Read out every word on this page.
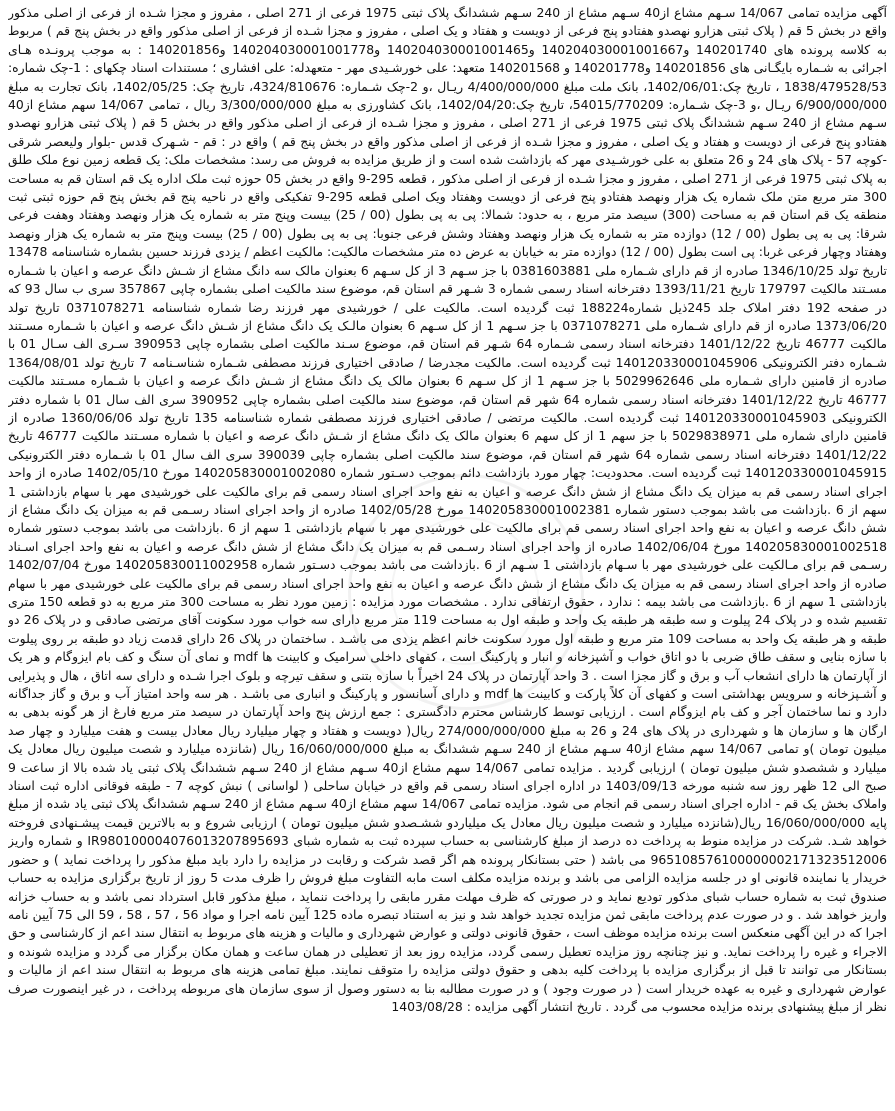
آگهی مزایده تمامی 14/067 سـهم مشاع از40 سـهم مشاع از 240 سـهم ششدانگ پلاک ثبتی 1975 فرعی از 271 اصلی ، مفروز و مجزا شـده از فرعی از اصلی مذکور واقع در بخش 5 قم ( پلاک ثبتی هزارو نهصدو هفتادو پنج فرعی از دویست و هفتاد و یک اصلی ، مفروز و مجزا شـده از فرعی از اصلی مذکور واقع در بخش پنج قم ) مربوط به کلاسه پرونده های 140201740 و140204030001001667 و140204030001001465 و140204030001001778 و140201856 : به موجب پرونـده هـای اجرائی به شـماره بایگـانی های 140201856 و140201778 و 140201568 متعهد: علی خورشـیدی مهر - متعهدله: علی افشاری ؛ مستندات اسناد چکهای : 1-چک شماره: 1838/479528/53 ، تاریخ چک:1402/06/01، بانک ملت مبلغ 4/400/000/000 ریـال ،و 2-چک شـماره: 4324/810676، تاریخ چک: 1402/05/25، بانک تجارت به مبلغ 6/900/000/000 ریـال ،و 3-چک شـماره: 54015/770209، تاریخ چک:1402/04/20، بانک کشاورزی به مبلغ 3/300/000/000 ریال ، تمامی 14/067 سهم مشاع از40 سـهم مشاع از 240 سـهم ششدانگ پلاک ثبتی 1975 فرعی از 271 اصلی ، مفروز و مجزا شـده از فرعی از اصلی مذکور واقع در بخش 5 قم ( پلاک ثبتی هزارو نهصدو هفتادو پنج فرعی از دویست و هفتاد و یک اصلی ، مفروز و مجزا شـده از فرعی از اصلی مذکور واقع در بخش پنج قم ) واقع در : قم - شـهرک قدس -بلوار ولیعصر شرقی -کوچه 57 - پلاک های 24 و 26 متعلق به علی خورشـیدی مهر که بازداشت شده است و از طریق مزایده به فروش می رسد: مشخصات ملک: یک قطعه زمین نوع ملک طلق به پلاک ثبتی 1975 فرعی از 271 اصلی ، مفروز و مجزا شـده از فرعی از اصلی مذکور ، قطعه 295-9 واقع در بخش 05 حوزه ثبت ملک اداره یک قم استان قم به مساحت 300 متر مربع متن ملک شماره یک هزار ونهصد هفتادو پنج فرعی از دویست وهفتاد ویک اصلی قطعه 295-9 تفکیکی واقع در ناحیه پنج قم بخش پنج قم حوزه ثبتی ثبت منطقه یک قم استان قم به مساحت (300) سیصد متر مربع ، به حدود: شمالا: پی به پی بطول (00 / 25) بیست وپنج متر به شماره یک هزار ونهصد وهفتاد وهفت فرعی شرقا: پی به پی بطول (00 / 12) دوازده متر به شماره یک هزار ونهصد وهفتاد وشش فرعی جنوبا: پی به پی بطول (00 / 25) بیست وپنج متر به شماره یک هزار ونهصد وهفتاد وچهار فرعی غربا: پی است بطول (00 / 12) دوازده متر به خیابان به عرض ده متر مشخصات مالکیت: مالکیت اعظم / یزدی فرزند حسین بشماره شناسنامه 13478 تاریخ تولد 1346/10/25 صادره از قم دارای شـماره ملی 0381603881 با جز سـهم 3 از کل سـهم 6 بعنوان مالک سه دانگ مشاع از شـش دانگ عرصه و اعیان با شـماره مسـتند مالکیت 179797 تاریخ 1393/11/21 دفترخانه اسناد رسمی شماره 3 شـهر قم استان قم، موضوع سند مالکیت اصلی بشماره چاپی 357867 سری ب سال 93 که در صفحه 192 دفتر املاک جلد 245ذیل شماره188224 ثبت گردیده است. مالکیت علی / خورشیدی مهر فرزند رضا شماره شناسنامه 0371078271 تاریخ تولد 1373/06/20 صادره از قم دارای شـماره ملی 0371078271 با جز سـهم 1 از کل سـهم 6 بعنوان مالـک یک دانگ مشاع از شـش دانگ عرصه و اعیان با شـماره مسـتند مالکیت 46777 تاریخ 1401/12/22 دفترخانه اسناد رسمی شـماره 64 شـهر قم استان قم، موضوع سـند مالکیت اصلی بشماره چاپی 390953 سـری الف سـال 01 با شـماره دفتر الکترونیکی 140120330001045906 ثبت گردیده است. مالکیت مجدرضا / صادقی اختیاری فرزند مصطفی شـماره شناسـنامه 7 تاریخ تولد 1364/08/01 صادره از قامنین دارای شـماره ملی 5029962646 با جز سـهم 1 از کل سـهم 6 بعنوان مالک یک دانگ مشاع از شـش دانگ عرصه و اعیان با شـماره مسـتند مالکیت 46777 تاریخ 1401/12/22 دفترخانه اسناد رسمی شماره 64 شهر قم استان قم، موضوع سند مالکیت اصلی بشماره چاپی 390952 سری الف سال 01 با شماره دفتر الکترونیکی 140120330001045903 ثبت گردیده است. مالکیت مرتضی / صادقی اختیاری فرزند مصطفی شماره شناسنامه 135 تاریخ تولد 1360/06/06 صادره از قامنین دارای شماره ملی 5029838971 با جز سهم 1 از کل سهم 6 بعنوان مالک یک دانگ مشاع از شـش دانگ عرصه و اعیان با شماره مسـتند مالکیت 46777 تاریخ 1401/12/22 دفترخانه اسناد رسمی شماره 64 شهر قم استان قم، موضوع سند مالکیت اصلی بشماره چاپی 390039 سری الف سال 01 با شـماره دفتر الکترونیکی 140120330001045915 ثبت گردیده است. محدودیت: چهار مورد بازداشت دائم بموجب دسـتور شماره 140205830001002080 مورخ 1402/05/10 صادره از واحد اجرای اسناد رسمی قم به میزان یک دانگ مشاع از شش دانگ عرصه و اعیان به نفع واحد اجرای اسناد رسمی قم برای مالکیت علی خورشیدی مهر با سهام بازداشتی 1 سهم از 6 .بازداشت می باشد بموجب دستور شماره 140205830001002381 مورخ 1402/05/28 صادره از واحد اجرای اسناد رسـمی قم به میزان یک دانگ مشاع از شش دانگ عرصه و اعیان به نفع واحد اجرای اسناد رسمی قم برای مالکیت علی خورشیدی مهر با سهام بازداشتی 1 سهم از 6 .بازداشت می باشد بموجب دستور شماره 140205830001002518 مورخ 1402/06/04 صادره از واحد اجرای اسناد رسـمی قم به میزان یک دانگ مشاع از شش دانگ عرصه و اعیان به نفع واحد اجرای اسـناد رسـمی قم برای مـالکیت علی خورشیدی مهر با سـهام بازداشتی 1 سـهم از 6 .بازداشت می باشد بموجب دسـتور شماره 140205830011002958 مورخ 1402/07/04 صادره از واحد اجرای اسناد رسمی قم به میزان یک دانگ مشاع از شش دانگ عرصه و اعیان به نفع واحد اجرای اسناد رسمی قم برای مالکیت علی خورشیدی مهر با سهام بازداشتی 1 سهم از 6 .بازداشت می باشد بیمه : ندارد ، حقوق ارتفاقی ندارد . مشخصات مورد مزایده : زمین مورد نظر به مساحت 300 متر مربع به دو قطعه 150 متری تقسیم شده و در پلاک 24 پیلوت و سه طبقه هر طبقه یک واحد و طبقه اول به مساحت 119 متر مربع دارای سه خواب مورد سکونت آقای مرتضی صادقی و در پلاک 26 دو طبقه و هر طبقه یک واحد به مساحت 109 متر مربع و طبقه اول مورد سکونت خانم اعظم یزدی می باشـد . ساختمان در پلاک 26 دارای قدمت زیاد دو طبقه بر روی پیلوت با سازه بنایی و سقف طاق ضربی با دو اتاق خواب و آشپزخانه و انبار و پارکینگ است ، کفهای داخلی سرامیک و کابینت ها mdf و نمای آن سنگ و کف بام ایزوگام و هر یک از آپارتمان ها دارای انشعاب آب و برق و گاز مجزا است . 3 واحد آپارتمان در پلاک 24 اخیراً با سازه بتنی و سقف تیرچه و بلوک اجرا شـده و دارای سه اتاق ، هال و پذیرایی و آشـپزخانه و سرویس بهداشتی است و کفهای آن کلاً پارکت و کابینت ها mdf و دارای آسانسور و پارکینگ و انباری می باشـد . هر سه واحد امتیاز آب و برق و گاز جداگانه دارد و نما ساختمان آجر و کف بام ایزوگام است . ارزیابی توسط کارشناس محترم دادگستری : جمع ارزش پنج واحد آپارتمان در سیصد متر مربع فارغ از هر گونه بدهی به ارگان ها و سازمان ها و شهرداری در پلاک های 24 و 26 به مبلغ 274/000/000/000 ریال( دویست و هفتاد و چهار میلیارد ریال معادل بیست و هفت میلیارد و چهار صد میلیون تومان )و تمامی 14/067 سهم مشاع از40 سـهم مشاع از 240 سـهم ششدانگ به مبلغ 16/060/000/000 ریال (شانزده میلیارد و شصت میلیون ریال معادل یک میلیارد و ششصدو شش میلیون تومان ) ارزیابی گردید . مزایده تمامی 14/067 سهم مشاع از40 سـهم مشاع از 240 سـهم ششدانگ پلاک ثبتی یاد شده بالا از ساعت 9 صبح الی 12 ظهر روز سه شنبه مورخه 1403/09/13 در اداره اجرای اسناد رسمی قم واقع در خیابان ساحلی ( لواسانی ) نبش کوچه 7 - طبقه فوقانی اداره ثبت اسناد واملاک بخش یک قم - اداره اجرای اسناد رسمی قم انجام می شود. مزایده تمامی 14/067 سهم مشاع از40 سـهم مشاع از 240 سـهم ششدانگ پلاک ثبتی یاد شده از مبلغ پایه 16/060/000/000 ریال(شانزده میلیارد و شصت میلیون ریال معادل یک میلیاردو ششـصدو شش میلیون تومان ) ارزیابی شروع و به بالاترین قیمت پیشـنهادی فروخته خواهد شـد. شرکت در مزایده منوط به پرداخت ده درصد از مبلغ کارشناسی به حساب سپرده ثبت به شماره شبای IR980100004076013207895693 و شماره واریز 965108576100000002171323512006 می باشد ( حتی بستانکار پرونده هم اگر قصد شرکت و رقابت در مزایده را دارد باید مبلغ مذکور را پرداخت نماید ) و حضور خریدار یا نماینده قانونی او در جلسه مزایده الزامی می باشد و برنده مزایده مکلف است مابه التفاوت مبلغ فروش را ظرف مدت 5 روز از تاریخ برگزاری مزایده به حساب صندوق ثبت به شماره حساب شبای مذکور تودیع نماید و در صورتی که ظرف مهلت مقرر مابقی را پرداخت ننماید ، مبلغ مذکور قابل استرداد نمی باشد و به حساب خزانه واریز خواهد شد . و در صورت عدم پرداخت مابقی ثمن مزایده تجدید خواهد شد و نیز به استناد تبصره ماده 125 آیین نامه اجرا و مواد 56 ، 57 ، 58 ، 59 الی 75 آیین نامه اجرا که در این آگهی منعکس است برنده مزایده موظف است ، حقوق قانونی دولتی و عوارض شهرداری و مالیات و هزینه های مربوط به انتقال سند اعم از کارشناسی و حق الاجراء و غیره را پرداخت نماید. و نیز چنانچه روز مزایده تعطیل رسمی گردد، مزایده روز بعد از تعطیلی در همان ساعت و همان مکان برگزار می گردد و مزایده شونده و بستانکار می توانند تا قبل از برگزاری مزایده با پرداخت کلیه بدهی و حقوق دولتی مزایده را متوقف نمایند. مبلغ تمامی هزینه های مربوط به انتقال سند اعم از مالیات و عوارض شهرداری و غیره به عهده خریدار است ( در صورت وجود ) و در صورت مطالبه بنا به دستور وصول از سوی سازمان های مربوطه پرداخت ، در غیر اینصورت صرف نظر از مبلغ پیشنهادی برنده مزایده محسوب می گردد . تاریخ انتشار آگهی مزایده : 1403/08/28
